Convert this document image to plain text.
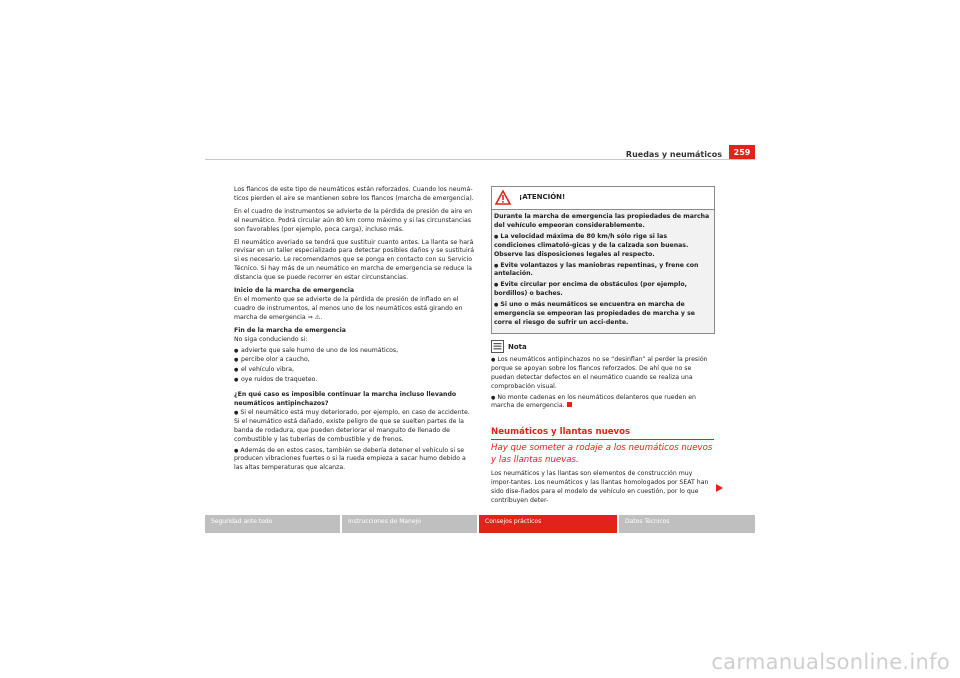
Ruedas y neumáticos	259

Los flancos de este tipo de neumáticos están reforzados. Cuando los neumá-ticos pierden el aire se mantienen sobre los flancos (marcha de emergencia).

En el cuadro de instrumentos se advierte de la pérdida de presión de aire en el neumático. Podrá circular aún 80 km como máximo y si las circunstancias son favorables (por ejemplo, poca carga), incluso más.

El neumático averiado se tendrá que sustituir cuanto antes. La llanta se hará revisar en un taller especializado para detectar posibles daños y se sustituirá si es necesario. Le recomendamos que se ponga en contacto con su Servicio Técnico. Si hay más de un neumático en marcha de emergencia se reduce la distancia que se puede recorrer en estar circunstancias.

Inicio de la marcha de emergencia

En el momento que se advierte de la pérdida de presión de inflado en el cuadro de instrumentos, al menos uno de los neumáticos está girando en marcha de emergencia ⇒ ⚠.

Fin de la marcha de emergencia

No siga conduciendo si:

● advierte que sale humo de uno de los neumáticos,
● percibe olor a caucho,
● el vehículo vibra,
● oye ruidos de traqueteo.

¿En qué caso es imposible continuar la marcha incluso llevando neumáticos antipinchazos?

● Si el neumático está muy deteriorado, por ejemplo, en caso de accidente. Si el neumático está dañado, existe peligro de que se suelten partes de la banda de rodadura, que pueden deteriorar el manguito de llenado de combustible y las tuberías de combustible y de frenos.

● Además de en estos casos, también se debería detener el vehículo si se producen vibraciones fuertes o si la rueda empieza a sacar humo debido a las altas temperaturas que alcanza.

¡ATENCIÓN!

Durante la marcha de emergencia las propiedades de marcha del vehículo empeoran considerablemente.

● La velocidad máxima de 80 km/h sólo rige si las condiciones climatoló-gicas y de la calzada son buenas. Observe las disposiciones legales al respecto.

● Evite volantazos y las maniobras repentinas, y frene con antelación.

● Evite circular por encima de obstáculos (por ejemplo, bordillos) o baches.

● Si uno o más neumáticos se encuentra en marcha de emergencia se empeoran las propiedades de marcha y se corre el riesgo de sufrir un acci-dente.

Nota

● Los neumáticos antipinchazos no se “desinflan” al perder la presión porque se apoyan sobre los flancos reforzados. De ahí que no se puedan detectar defectos en el neumático cuando se realiza una comprobación visual.

● No monte cadenas en los neumáticos delanteros que rueden en marcha de emergencia.

Neumáticos y llantas nuevos
Hay que someter a rodaje a los neumáticos nuevos y las llantas nuevas.

Los neumáticos y las llantas son elementos de construcción muy impor-tantes. Los neumáticos y las llantas homologados por SEAT han sido dise-ñados para el modelo de vehículo en cuestión, por lo que contribuyen deter-

Seguridad ante todo	Instrucciones de Manejo	Consejos prácticos	Datos Técnicos
carmanualsonline.info
